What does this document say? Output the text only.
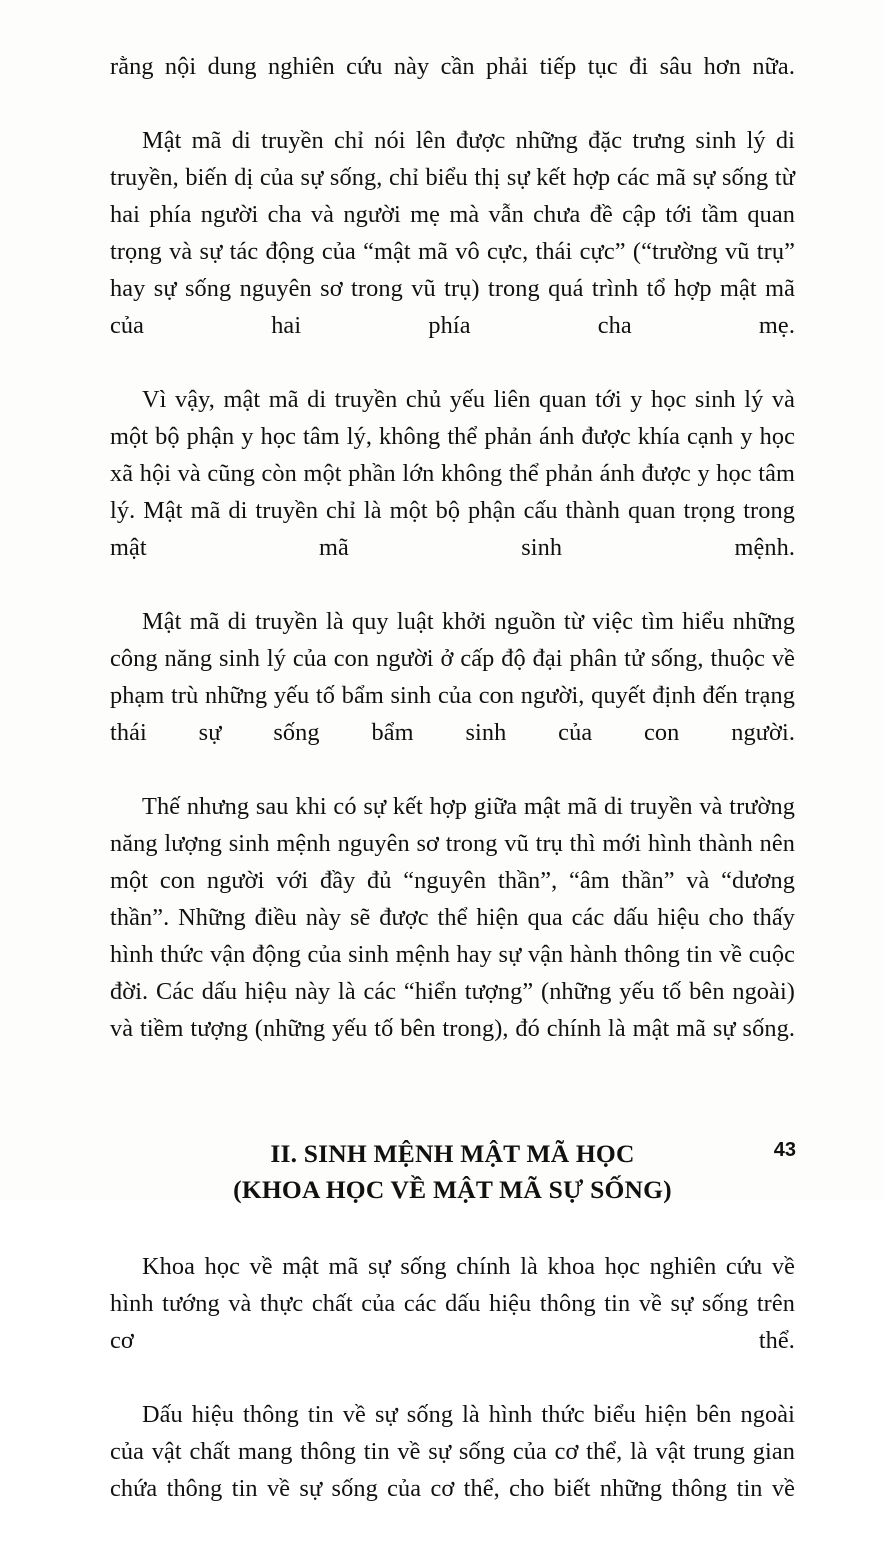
rằng nội dung nghiên cứu này cần phải tiếp tục đi sâu hơn nữa.

Mật mã di truyền chỉ nói lên được những đặc trưng sinh lý di truyền, biến dị của sự sống, chỉ biểu thị sự kết hợp các mã sự sống từ hai phía người cha và người mẹ mà vẫn chưa đề cập tới tầm quan trọng và sự tác động của “mật mã vô cực, thái cực” (“trường vũ trụ” hay sự sống nguyên sơ trong vũ trụ) trong quá trình tổ hợp mật mã của hai phía cha mẹ.

Vì vậy, mật mã di truyền chủ yếu liên quan tới y học sinh lý và một bộ phận y học tâm lý, không thể phản ánh được khía cạnh y học xã hội và cũng còn một phần lớn không thể phản ánh được y học tâm lý. Mật mã di truyền chỉ là một bộ phận cấu thành quan trọng trong mật mã sinh mệnh.

Mật mã di truyền là quy luật khởi nguồn từ việc tìm hiểu những công năng sinh lý của con người ở cấp độ đại phân tử sống, thuộc về phạm trù những yếu tố bẩm sinh của con người, quyết định đến trạng thái sự sống bẩm sinh của con người.

Thế nhưng sau khi có sự kết hợp giữa mật mã di truyền và trường năng lượng sinh mệnh nguyên sơ trong vũ trụ thì mới hình thành nên một con người với đầy đủ “nguyên thần”, “âm thần” và “dương thần”. Những điều này sẽ được thể hiện qua các dấu hiệu cho thấy hình thức vận động của sinh mệnh hay sự vận hành thông tin về cuộc đời. Các dấu hiệu này là các “hiển tượng” (những yếu tố bên ngoài) và tiềm tượng (những yếu tố bên trong), đó chính là mật mã sự sống.

II. SINH MỆNH MẬT MÃ HỌC
(KHOA HỌC VỀ MẬT MÃ SỰ SỐNG)

Khoa học về mật mã sự sống chính là khoa học nghiên cứu về hình tướng và thực chất của các dấu hiệu thông tin về sự sống trên cơ thể.

Dấu hiệu thông tin về sự sống là hình thức biểu hiện bên ngoài của vật chất mang thông tin về sự sống của cơ thể, là vật trung gian chứa thông tin về sự sống của cơ thể, cho biết những thông tin về

43
